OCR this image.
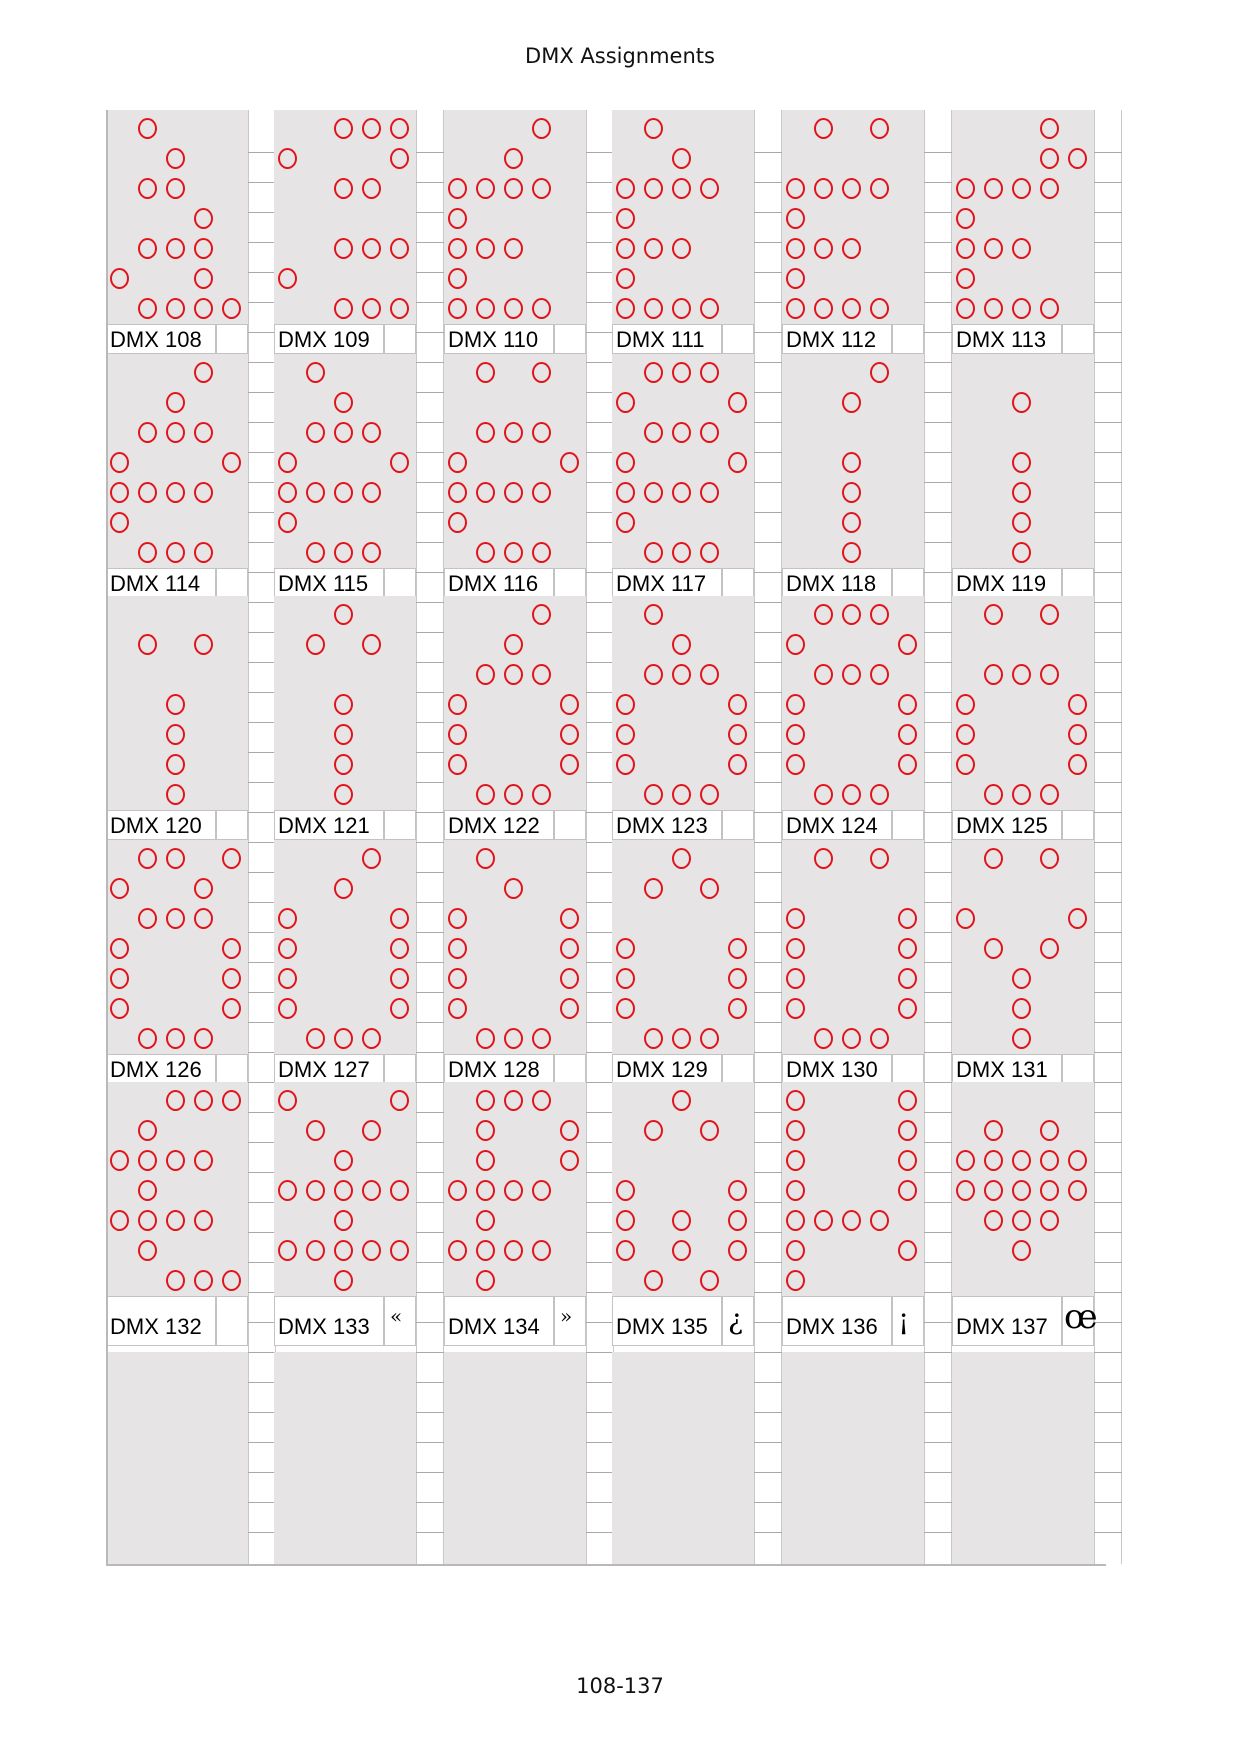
DMX Assignments
108-137
DMX 108	DMX 109	DMX 110	DMX 111	DMX 112	DMX 113
DMX 114	DMX 115	DMX 116	DMX 117	DMX 118	DMX 119
DMX 120	DMX 121	DMX 122	DMX 123	DMX 124	DMX 125
DMX 126	DMX 127	DMX 128	DMX 129	DMX 130	DMX 131
DMX 132	DMX 133 « DMX 134 » DMX 135 ¿ DMX 136 ¡ DMX 137 œ
